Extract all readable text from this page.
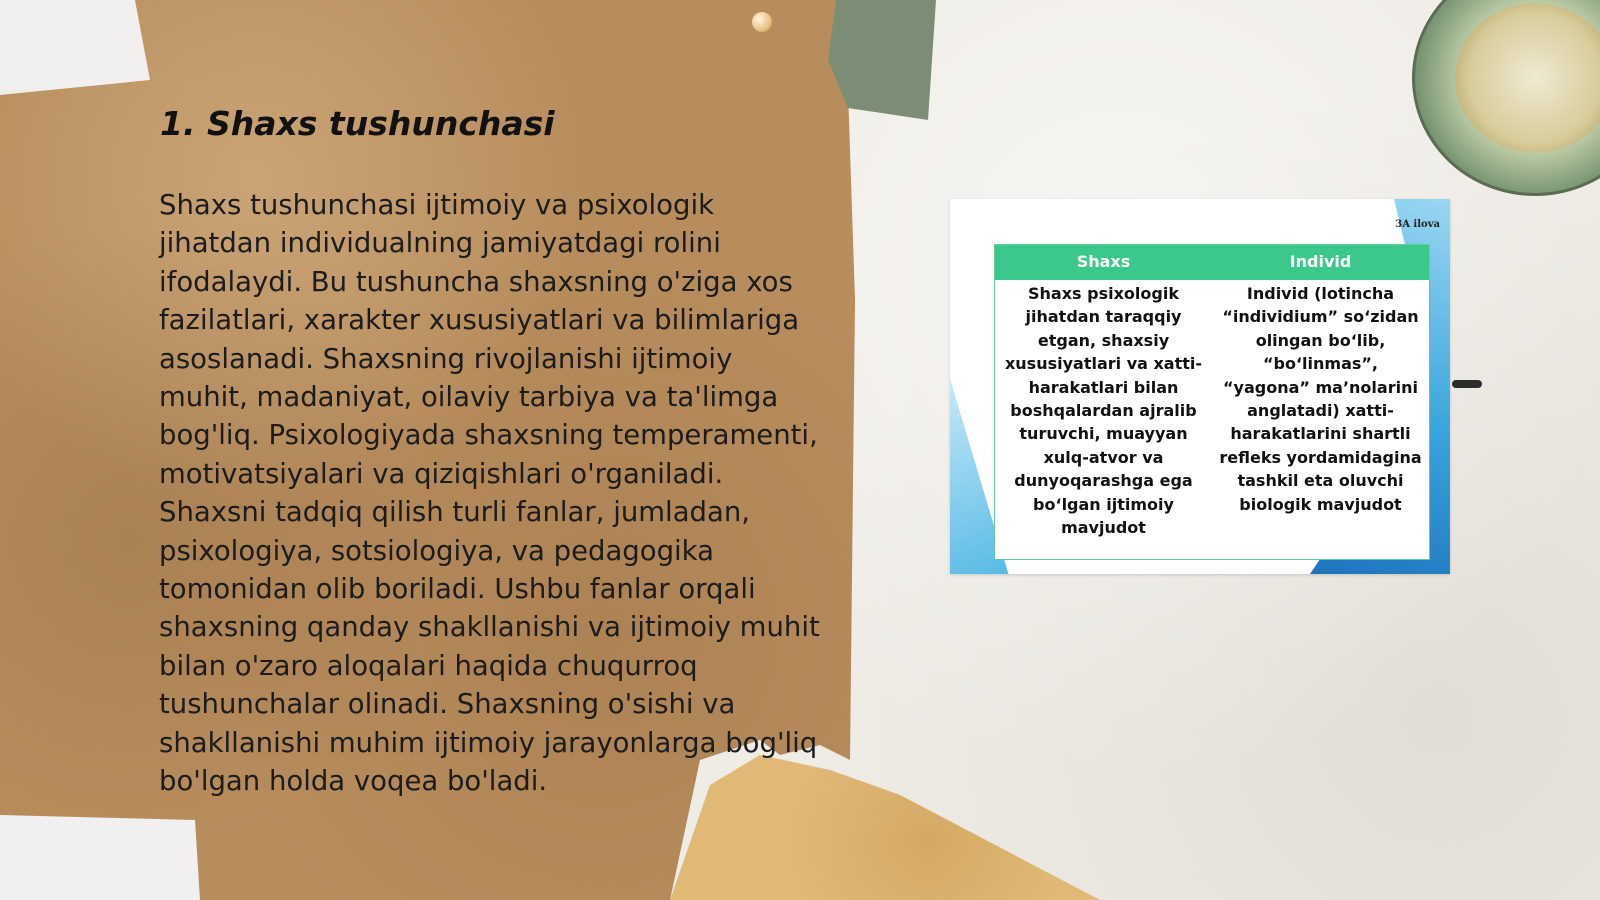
1. Shaxs tushunchasi

Shaxs tushunchasi ijtimoiy va psixologik jihatdan individualning jamiyatdagi rolini ifodalaydi. Bu tushuncha shaxsning o'ziga xos fazilatlari, xarakter xususiyatlari va bilimlariga asoslanadi. Shaxsning rivojlanishi ijtimoiy muhit, madaniyat, oilaviy tarbiya va ta'limga bog'liq. Psixologiyada shaxsning temperamenti, motivatsiyalari va qiziqishlari o'rganiladi. Shaxsni tadqiq qilish turli fanlar, jumladan, psixologiya, sotsiologiya, va pedagogika tomonidan olib boriladi. Ushbu fanlar orqali shaxsning qanday shakllanishi va ijtimoiy muhit bilan o'zaro aloqalari haqida chuqurroq tushunchalar olinadi. Shaxsning o'sishi va shakllanishi muhim ijtimoiy jarayonlarga bog'liq bo'lgan holda voqea bo'ladi.

3A ilova
Shaxs	Individ
Shaxs psixologik jihatdan taraqqiy etgan, shaxsiy xususiyatlari va xatti-harakatlari bilan boshqalardan ajralib turuvchi, muayyan xulq-atvor va dunyoqarashga ega bo‘lgan ijtimoiy mavjudot
Individ (lotincha “individium” so‘zidan olingan bo‘lib, “bo‘linmas”, “yagona” ma’nolarini anglatadi) xatti-harakatlarini shartli refleks yordamidagina tashkil eta oluvchi biologik mavjudot
